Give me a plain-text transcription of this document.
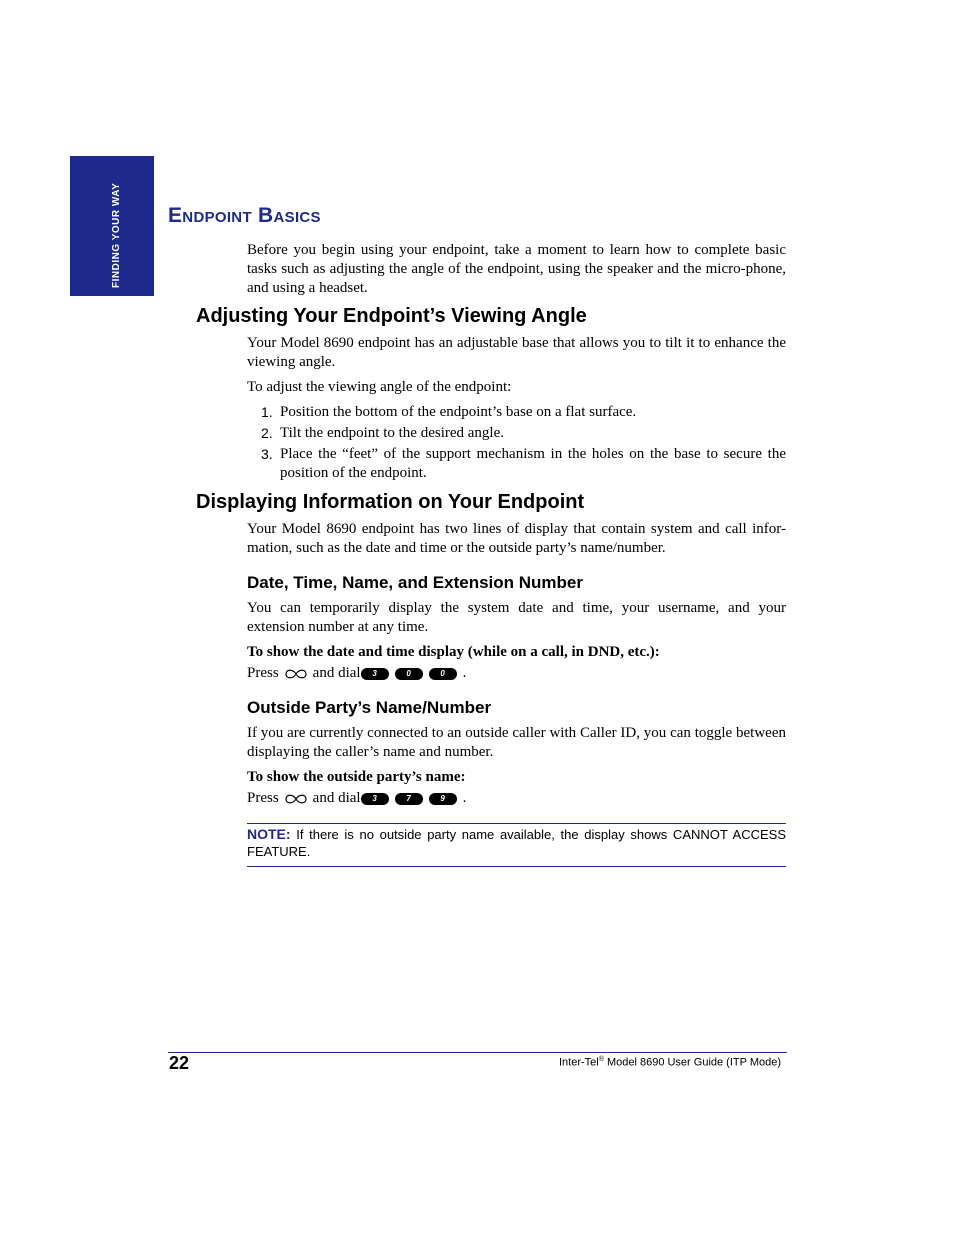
FINDING YOUR WAY Endpoint Basics

Before you begin using your endpoint, take a moment to learn how to complete basic tasks such as adjusting the angle of the endpoint, using the speaker and the micro-phone, and using a headset.

Adjusting Your Endpoint’s Viewing Angle

Your Model 8690 endpoint has an adjustable base that allows you to tilt it to enhance the viewing angle.

To adjust the viewing angle of the endpoint:

1. Position the bottom of the endpoint’s base on a flat surface.
2. Tilt the endpoint to the desired angle.
3. Place the “feet” of the support mechanism in the holes on the base to secure the position of the endpoint.
Displaying Information on Your Endpoint

Your Model 8690 endpoint has two lines of display that contain system and call infor-mation, such as the date and time or the outside party’s name/number.

Date, Time, Name, and Extension Number

You can temporarily display the system date and time, your username, and your extension number at any time.

To show the date and time display (while on a call, in DND, etc.):

Press and dial	3	0	0	.
Outside Party’s Name/Number

If you are currently connected to an outside caller with Caller ID, you can toggle between displaying the caller’s name and number.

To show the outside party’s name:

Press and dial	3	7	9	.
NOTE: If there is no outside party name available, the display shows CANNOT ACCESS FEATURE.
22	Inter-Tel® Model 8690 User Guide (ITP Mode)
